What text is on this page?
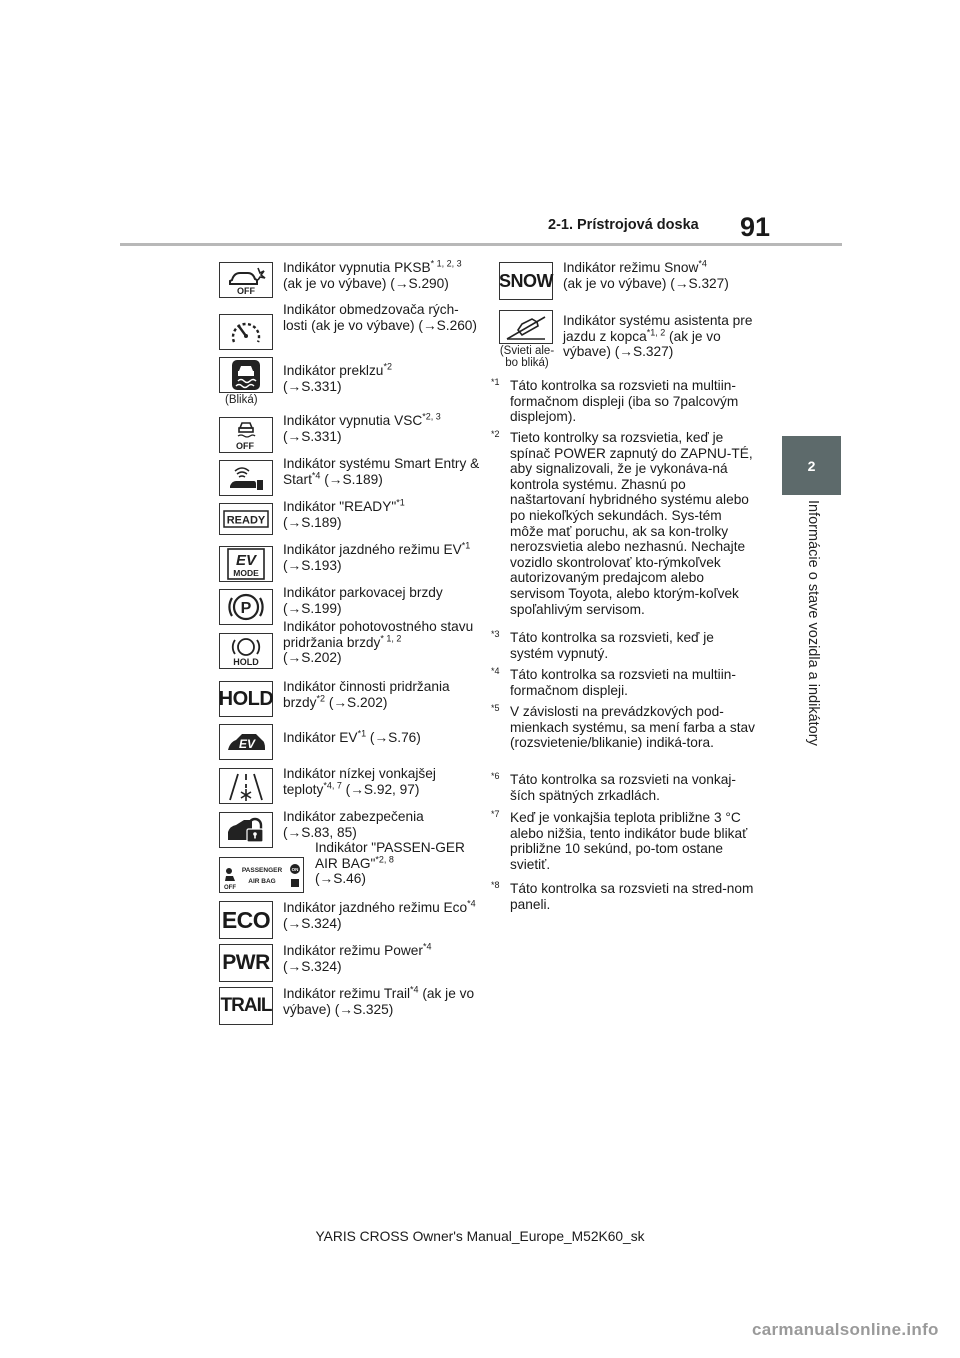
2-1. Prístrojová doska 91
2
Informácie o stave vozidla a indikátory
OFF
Indikátor vypnutia PKSB$^{* 1, 2, 3}$
(ak je vo výbave) (→S.290)
Indikátor obmedzovača rých-losti (ak je vo výbave) (→S.260)
(Bliká)
Indikátor preklzu$^{*2}$
(→S.331)
OFF
Indikátor vypnutia VSC$^{*2, 3}$
(→S.331)
Indikátor systému Smart Entry & Start$^{*4}$ (→S.189)
READY
Indikátor "READY"$^{*1}$
(→S.189)
EV
MODE
Indikátor jazdného režimu EV$^{*1}$ (→S.193)
P
Indikátor parkovacej brzdy
(→S.199)
HOLD
Indikátor pohotovostného stavu pridržania brzdy$^{* 1, 2}$
(→S.202)
HOLD
Indikátor činnosti pridržania brzdy$^{*2}$ (→S.202)
EV Indikátor EV$^{*1}$ (→S.76)
Indikátor nízkej vonkajšej teploty$^{*4, 7}$ (→S.92, 97)
Indikátor zabezpečenia
(→S.83, 85)
OFF
PASSENGER
AIR BAG
ON
Indikátor "PASSEN-GER AIR BAG"$^{*2, 8}$
(→S.46)
ECO Indikátor jazdného režimu Eco$^{*4}$ (→S.324)
PWR
Indikátor režimu Power$^{*4}$
(→S.324)
TRAIL
Indikátor režimu Trail$^{*4}$ (ak je vo výbave) (→S.325)
SNOW
Indikátor režimu Snow$^{*4}$
(ak je vo výbave) (→S.327)
(Svieti ale-bo bliká)
Indikátor systému asistenta pre jazdu z kopca$^{*1, 2}$ (ak je vo výbave) (→S.327)
*1 Táto kontrolka sa rozsvieti na multiin-formačnom displeji (iba so 7palcovým displejom).
*2 Tieto kontrolky sa rozsvietia, keď je spínač POWER zapnutý do ZAPNU-TÉ, aby signalizovali, že je vykonáva-ná kontrola systému. Zhasnú po naštartovaní hybridného systému alebo po niekoľkých sekundách. Sys-tém môže mať poruchu, ak sa kon-trolky nerozsvietia alebo nezhasnú. Nechajte vozidlo skontrolovať kto-rýmkoľvek autorizovaným predajcom alebo servisom Toyota, alebo ktorým-koľvek spoľahlivým servisom.
*3 Táto kontrolka sa rozsvieti, keď je systém vypnutý.
*4 Táto kontrolka sa rozsvieti na multiin-formačnom displeji.
*5 V závislosti na prevádzkových pod-mienkach systému, sa mení farba a stav (rozsvietenie/blikanie) indiká-tora.
*6 Táto kontrolka sa rozsvieti na vonkaj-ších spätných zrkadlách.
*7 Keď je vonkajšia teplota približne 3 °C alebo nižšia, tento indikátor bude blikať približne 10 sekúnd, po-tom ostane svietiť.
*8 Táto kontrolka sa rozsvieti na stred-nom paneli.
YARIS CROSS Owner's Manual_Europe_M52K60_sk
carmanualsonline.info
